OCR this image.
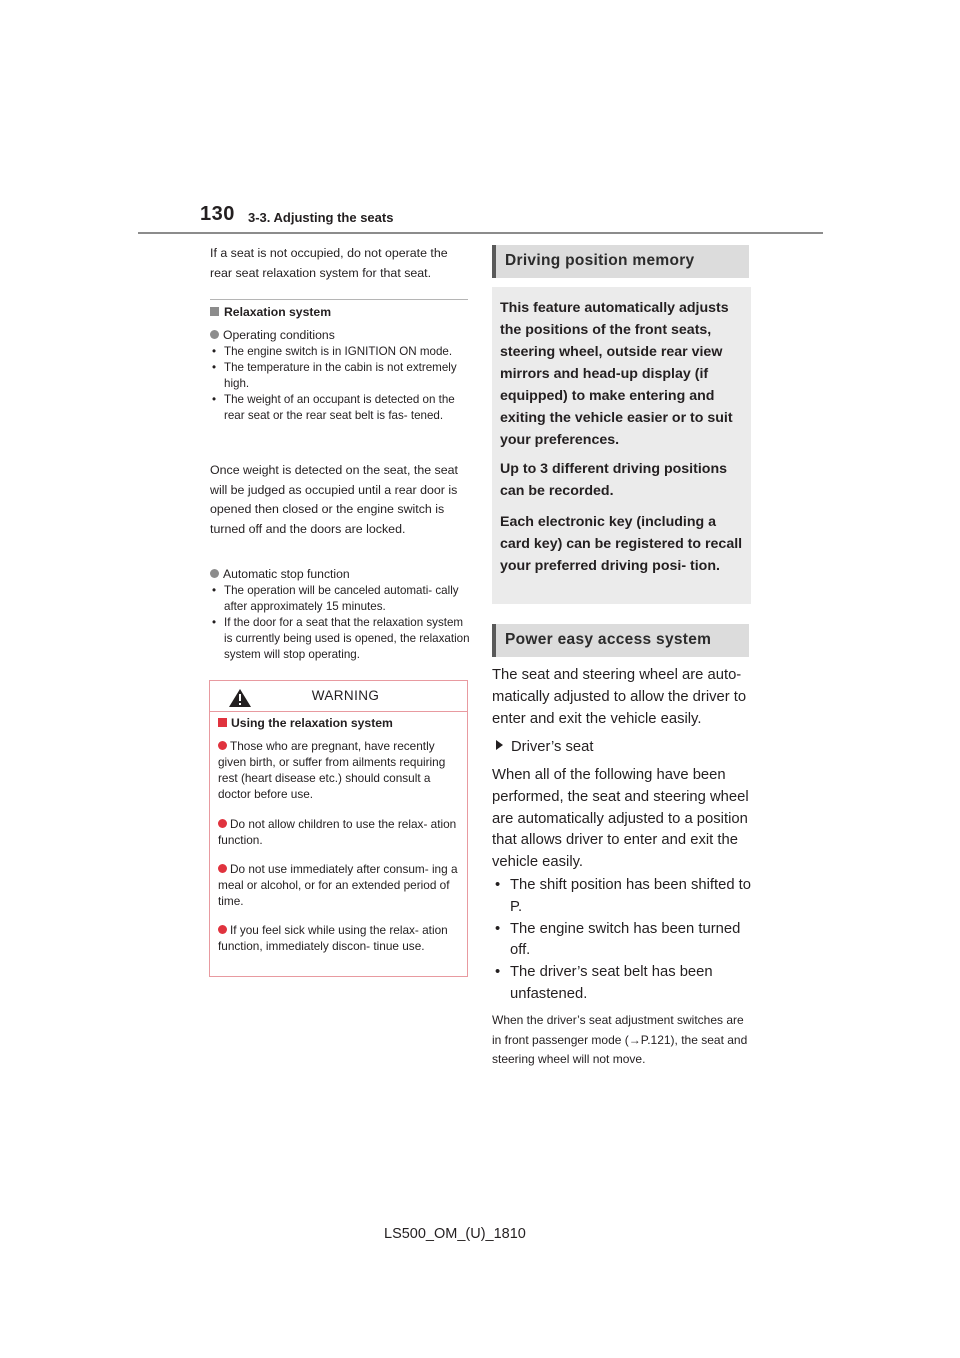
130 3-3. Adjusting the seats
If a seat is not occupied, do not operate the rear seat relaxation system for that seat.
Relaxation system
Operating conditions
• The engine switch is in IGNITION ON mode.
• The temperature in the cabin is not extremely high.
• The weight of an occupant is detected on the rear seat or the rear seat belt is fas- tened.
Once weight is detected on the seat, the seat will be judged as occupied until a rear door is opened then closed or the engine switch is turned off and the doors are locked.
Automatic stop function
• The operation will be canceled automati- cally after approximately 15 minutes.
• If the door for a seat that the relaxation system is currently being used is opened, the relaxation system will stop operating.
WARNING
Using the relaxation system
Those who are pregnant, have recently given birth, or suffer from ailments requiring rest (heart disease etc.) should consult a doctor before use.
Do not allow children to use the relax- ation function.
Do not use immediately after consum- ing a meal or alcohol, or for an extended period of time.
If you feel sick while using the relax- ation function, immediately discon- tinue use.
Driving position memory

This feature automatically adjusts the positions of the front seats, steering wheel, outside rear view mirrors and head-up display (if equipped) to make entering and exiting the vehicle easier or to suit your preferences.

Up to 3 different driving positions can be recorded.

Each electronic key (including a card key) can be registered to recall your preferred driving posi- tion.

Power easy access system
The seat and steering wheel are auto- matically adjusted to allow the driver to enter and exit the vehicle easily.
Driver’s seat
When all of the following have been performed, the seat and steering wheel are automatically adjusted to a position that allows driver to enter and exit the vehicle easily.
• The shift position has been shifted to P.
• The engine switch has been turned off.
• The driver’s seat belt has been unfastened.
When the driver’s seat adjustment switches are in front passenger mode (→P.121), the seat and steering wheel will not move.
LS500_OM_(U)_1810
